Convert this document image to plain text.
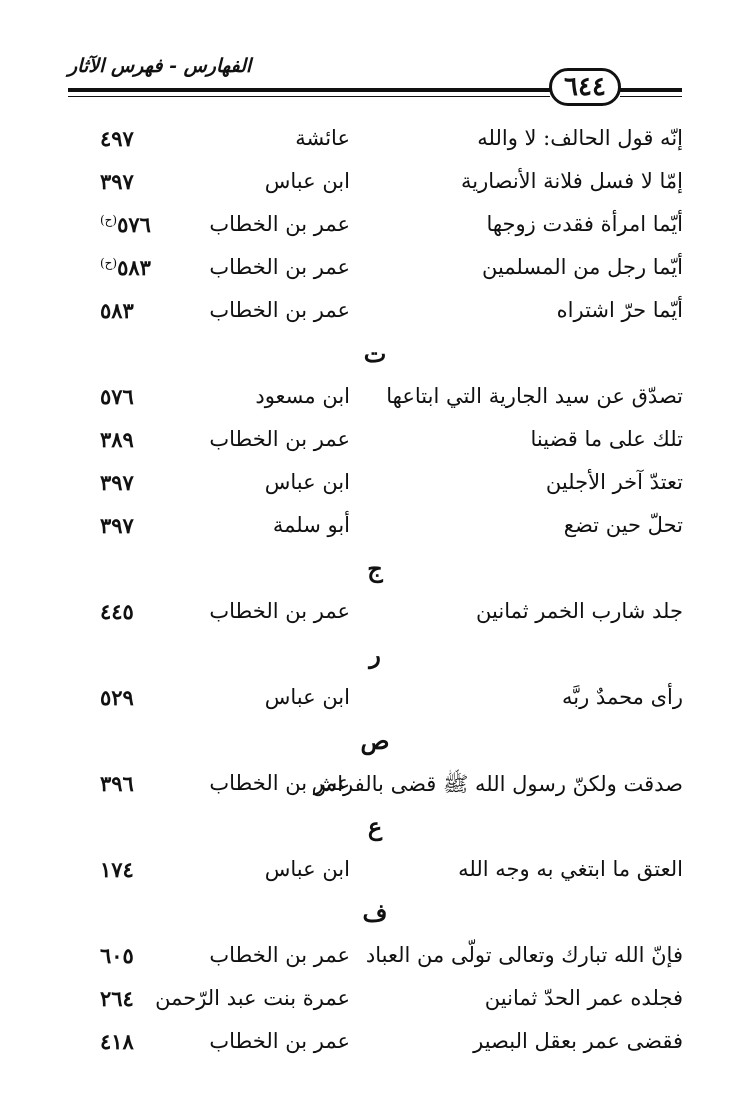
الفهارس - فهرس الآثار
٦٤٤
إنّه قول الحالف: لا والله
عائشة
٤٩٧
إمّا لا فسل فلانة الأنصارية
ابن عباس
٣٩٧
أيّما امرأة فقدت زوجها
عمر بن الخطاب
$٥٧٦^{(ح)}$
أيّما رجل من المسلمين
عمر بن الخطاب
$٥٨٣^{(ح)}$
أيّما حرّ اشتراه
عمر بن الخطاب
٥٨٣
ت
تصدّق عن سيد الجارية التي ابتاعها
ابن مسعود
٥٧٦
تلك على ما قضينا
عمر بن الخطاب
٣٨٩
تعتدّ آخر الأجلين
ابن عباس
٣٩٧
تحلّ حين تضع
أبو سلمة
٣٩٧
ج
جلد شارب الخمر ثمانين
عمر بن الخطاب
٤٤٥
ر
رأى محمدٌ ربَّه
ابن عباس
٥٢٩
ص
صدقت ولكنّ رسول الله ﷺ قضى بالفراش
عمر بن الخطاب
٣٩٦
ع
العتق ما ابتغي به وجه الله
ابن عباس
١٧٤
ف
فإنّ الله تبارك وتعالى تولّى من العباد
عمر بن الخطاب
٦٠٥
فجلده عمر الحدّ ثمانين
عمرة بنت عبد الرّحمن
٢٦٤
فقضى عمر بعقل البصير
عمر بن الخطاب
٤١٨
